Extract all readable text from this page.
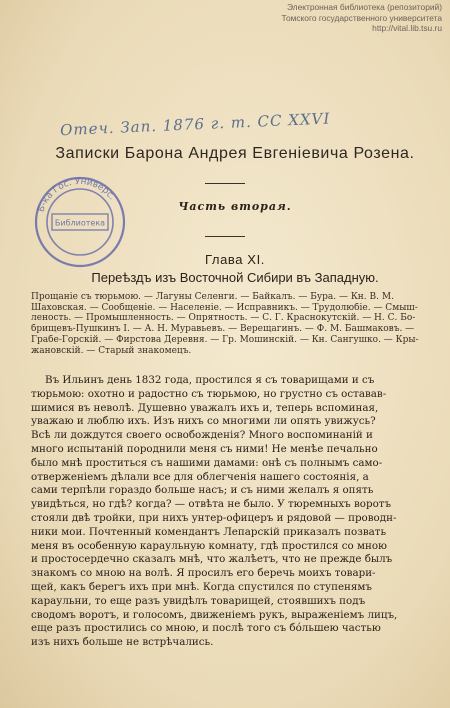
Электронная библиотека (репозиторий)
Томского государственного университета
http://vital.lib.tsu.ru
Отеч. Зап. 1876 г. т. CC XXVI
Б-ка Гос. Универс.
Библиотека
Записки Барона Андрея Евгеніевича Розена.
Часть вторая.
Глава XI.
Переѣздъ изъ Восточной Сибири въ Западную.
Прощаніе съ тюрьмою. — Лагуны Селенги. — Байкалъ. — Бура. — Кн. В. М.
Шаховская. — Сообщеніе. — Населеніе. — Исправникъ. — Трудолюбіе. — Смыш-
леность. — Промышленность. — Опрятность. — С. Г. Краснокутскій. — Н. С. Бо-
брищевъ-Пушкинъ I. — А. Н. Муравьевъ. — Верещагинъ. — Ф. М. Башмаковъ. —
Грабе-Горскій. — Фирстова Деревня. — Гр. Мошинскій. — Кн. Сангушко. — Кры-
жановскій. — Старый знакомецъ.
Въ Ильинъ день 1832 года, простился я съ товарищами и съ
тюрьмою: охотно и радостно съ тюрьмою, но грустно съ оставав-
шимися въ неволѣ. Душевно уважалъ ихъ и, теперь вспоминая,
уважаю и люблю ихъ. Изъ нихъ со многими ли опять увижусь?
Всѣ ли дождутся своего освобожденія? Много воспоминаній и
много испытаній породнили меня съ ними! Не менѣе печально
было мнѣ проститься съ нашими дамами: онѣ съ полнымъ само-
отверженіемъ дѣлали все для облегченія нашего состоянія, а
сами терпѣли гораздо больше насъ; и съ ними желалъ я опять
увидѣться, но гдѣ? когда? — отвѣта не было. У тюремныхъ воротъ
стояли двѣ тройки, при нихъ унтер-офицеръ и рядовой — проводн-
ники мои. Почтенный комендантъ Лепарскій приказалъ позвать
меня въ особенную караульную комнату, гдѣ простился со мною
и простосердечно сказалъ мнѣ, что жалѣетъ, что не прежде былъ
знакомъ со мною на волѣ. Я просилъ его беречь моихъ товари-
щей, какъ берегъ ихъ при мнѣ. Когда спустился по ступенямъ
караульни, то еще разъ увидѣлъ товарищей, стоявшихъ подъ
сводомъ воротъ, и голосомъ, движеніемъ рукъ, выраженіемъ лицъ,
еще разъ простились со мною, и послѣ того съ бóльшею частью
изъ нихъ больше не встрѣчались.
